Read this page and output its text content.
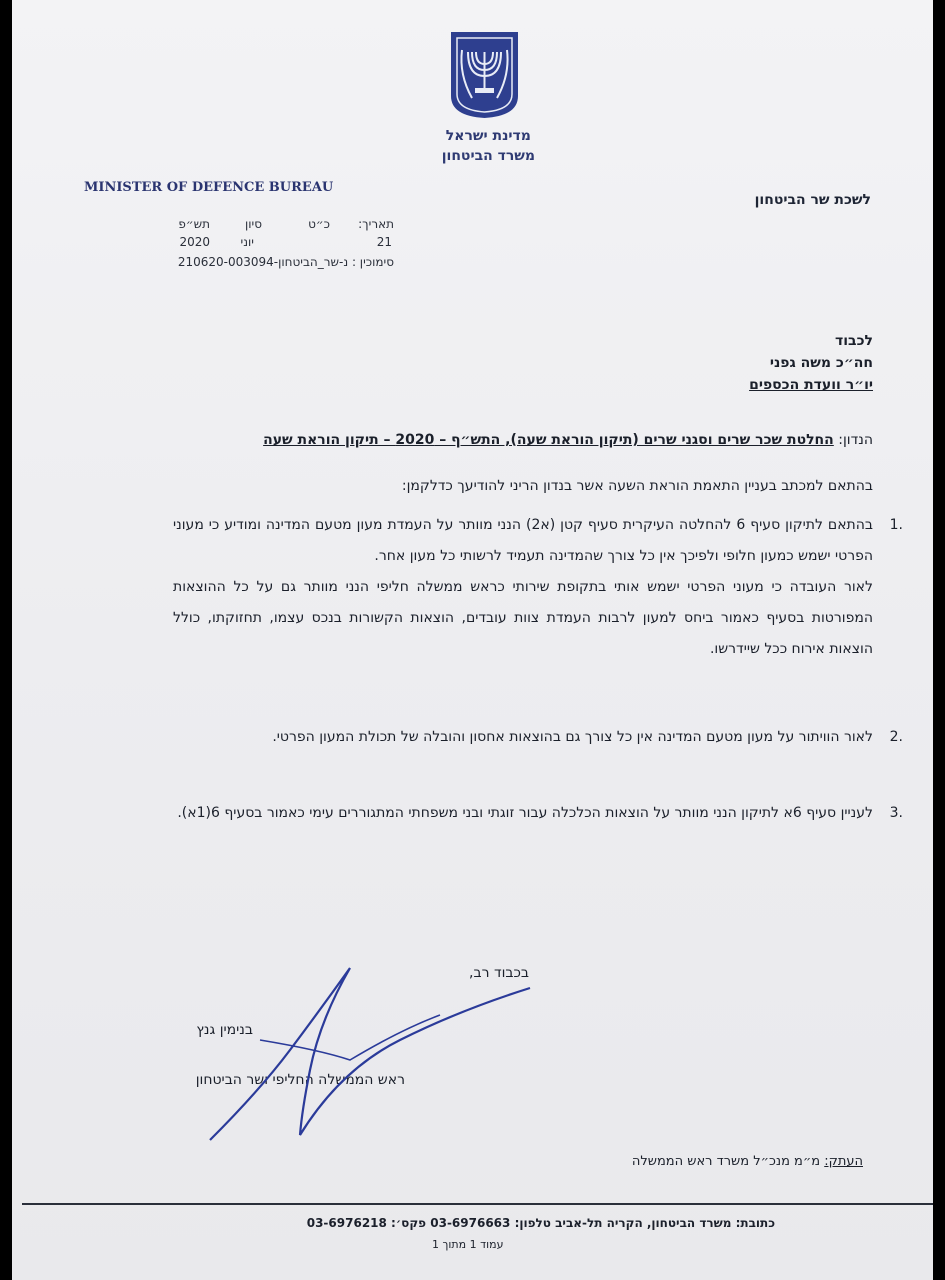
מדינת ישראל
משרד הביטחון
MINISTER OF DEFENCE BUREAU
לשכת שר הביטחון
תאריך:
כ״ט
סיון
תש״פ
21
יוני
2020
סימוכין : נ-שר_הביטחון-210620-003094
לכבוד
חה״כ משה גפני
יו״ר וועדת הכספים
הנדון: החלטת שכר שרים וסגני שרים (תיקון הוראת שעה), התש״ף – 2020 – תיקון הוראת שעה
בהתאם למכתב בעניין התאמת הוראת השעה אשר בנדון הריני להודיעך כדלקמן:
1.
בהתאם לתיקון סעיף 6 להחלטה העיקרית סעיף קטן (א2) הנני מוותר על העמדת מעון מטעם המדינה ומודיע כי מעוני הפרטי ישמש כמעון חלופי ולפיכך אין כל צורך שהמדינה תעמיד לרשותי כל מעון אחר.
לאור העובדה כי מעוני הפרטי ישמש אותי בתקופת שירותי כראש ממשלה חליפי הנני מוותר גם על כל ההוצאות המפורטות בסעיף כאמור ביחס למעון לרבות העמדת צוות עובדים, הוצאות הקשורות בנכס עצמו, תחזוקתו, כולל הוצאות אירוח ככל שיידרשו.
2.
לאור הוויתור על מעון מטעם המדינה אין כל צורך גם בהוצאות אחסון והובלה של תכולת המעון הפרטי.
3.
לעניין סעיף 6א לתיקון הנני מוותר על הוצאות הכלכלה עבור זוגתי ובני משפחתי המתגוררים עימי כאמור בסעיף 6(1א).
בכבוד רב,
בנימין גנץ
ראש הממשלה החליפי ושר הביטחון
העתק: מ״מ מנכ״ל משרד ראש הממשלה
כתובת: משרד הביטחון, הקריה תל-אביב טלפון: 03-6976663 פקס׳: 03-6976218
עמוד 1 מתוך 1
